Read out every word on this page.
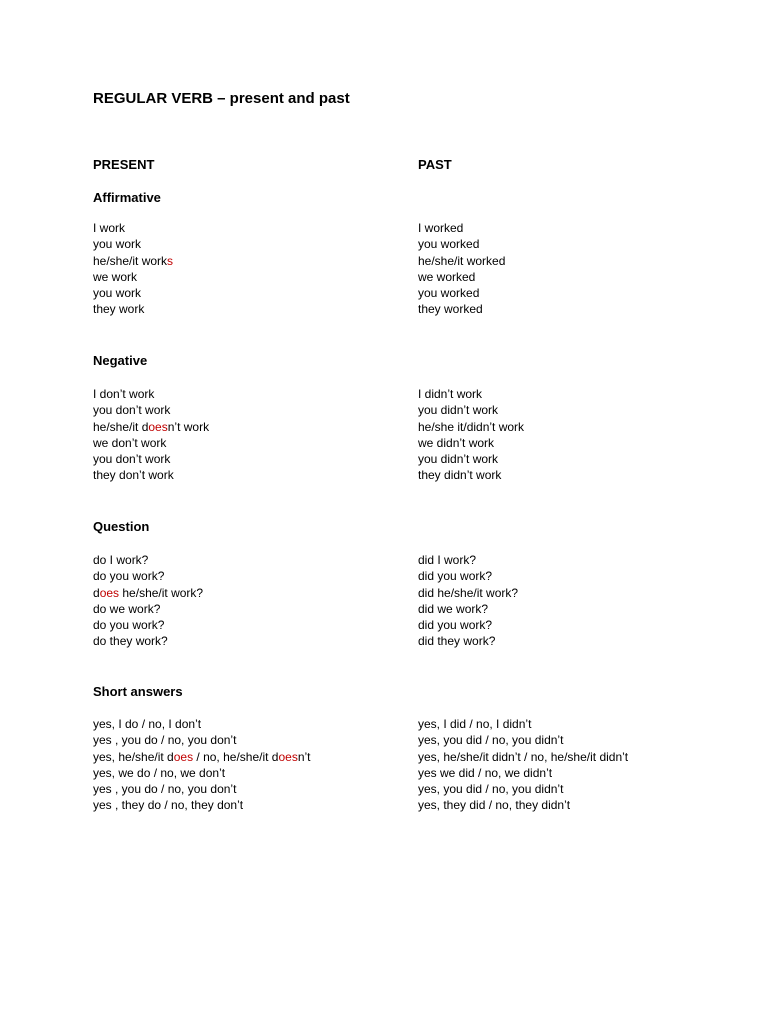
REGULAR VERB – present and past
PRESENT	PAST
Affirmative
I work
you work
he/she/it works
we work
you work
they work
I worked
you worked
he/she/it worked
we worked
you worked
they worked
Negative
I don’t work
you don’t work
he/she/it doesn’t work
we don’t work
you don’t work
they don’t work
I didn’t work
you didn’t work
he/she it/didn’t work
we didn’t work
you didn’t work
they didn’t work
Question
do I work?
do you work?
does he/she/it work?
do we work?
do you work?
do they work?
did I work?
did you work?
did he/she/it work?
did we work?
did you work?
did they work?
Short answers
yes, I do / no, I don’t
yes , you do / no, you don’t
yes, he/she/it does / no, he/she/it doesn’t
yes, we do / no, we don’t
yes , you do / no, you don’t
yes , they do / no, they don’t
yes, I did / no, I didn’t
yes, you did / no, you didn’t
yes, he/she/it didn’t / no, he/she/it didn’t
yes we did / no, we didn’t
yes, you did / no, you didn’t
yes, they did / no, they didn’t
